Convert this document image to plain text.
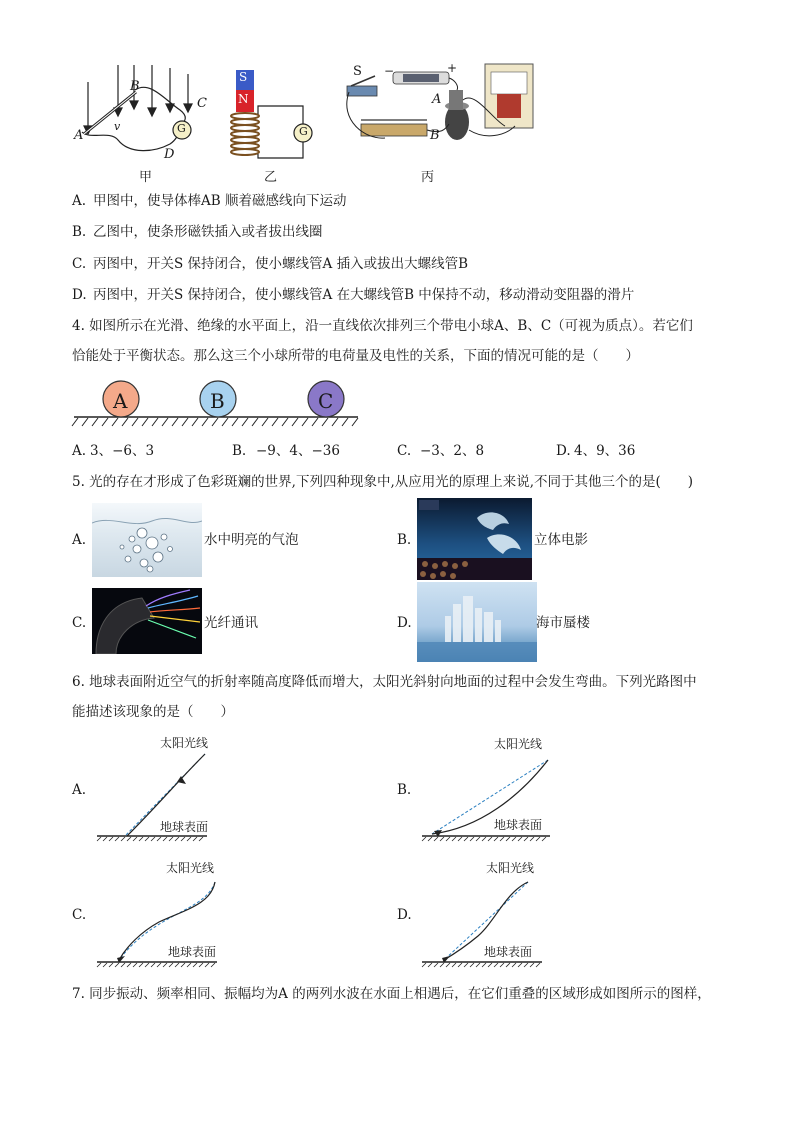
B
C
A
v
D
G
甲
S
N
G
乙
S −	+
A
B
丙
A. 甲图中，使导体棒AB 顺着磁感线向下运动
B. 乙图中，使条形磁铁插入或者拔出线圈
C. 丙图中，开关S 保持闭合，使小螺线管A 插入或拔出大螺线管B
D. 丙图中，开关S 保持闭合，使小螺线管A 在大螺线管B 中保持不动，移动滑动变阻器的滑片
4. 如图所示在光滑、绝缘的水平面上，沿一直线依次排列三个带电小球A、B、C（可视为质点）。若它们
恰能处于平衡状态。那么这三个小球所带的电荷量及电性的关系，下面的情况可能的是（　　）
A	B	C
A. 3、−6、3	B. −9、4、−36	C. −3、2、8	D. 4、9、36
5. 光的存在才形成了色彩斑斓的世界,下列四种现象中,从应用光的原理上来说,不同于其他三个的是(　　)
A.	水中明亮的气泡	B.	立体电影
C.	光纤通讯	D.	海市蜃楼
6. 地球表面附近空气的折射率随高度降低而增大，太阳光斜射向地面的过程中会发生弯曲。下列光路图中
能描述该现象的是（　　）
A.
太阳光线
地球表面
B.
太阳光线
地球表面
C.
太阳光线
地球表面
D.
太阳光线
地球表面
7. 同步振动、频率相同、振幅均为A 的两列水波在水面上相遇后，在它们重叠的区域形成如图所示的图样，
